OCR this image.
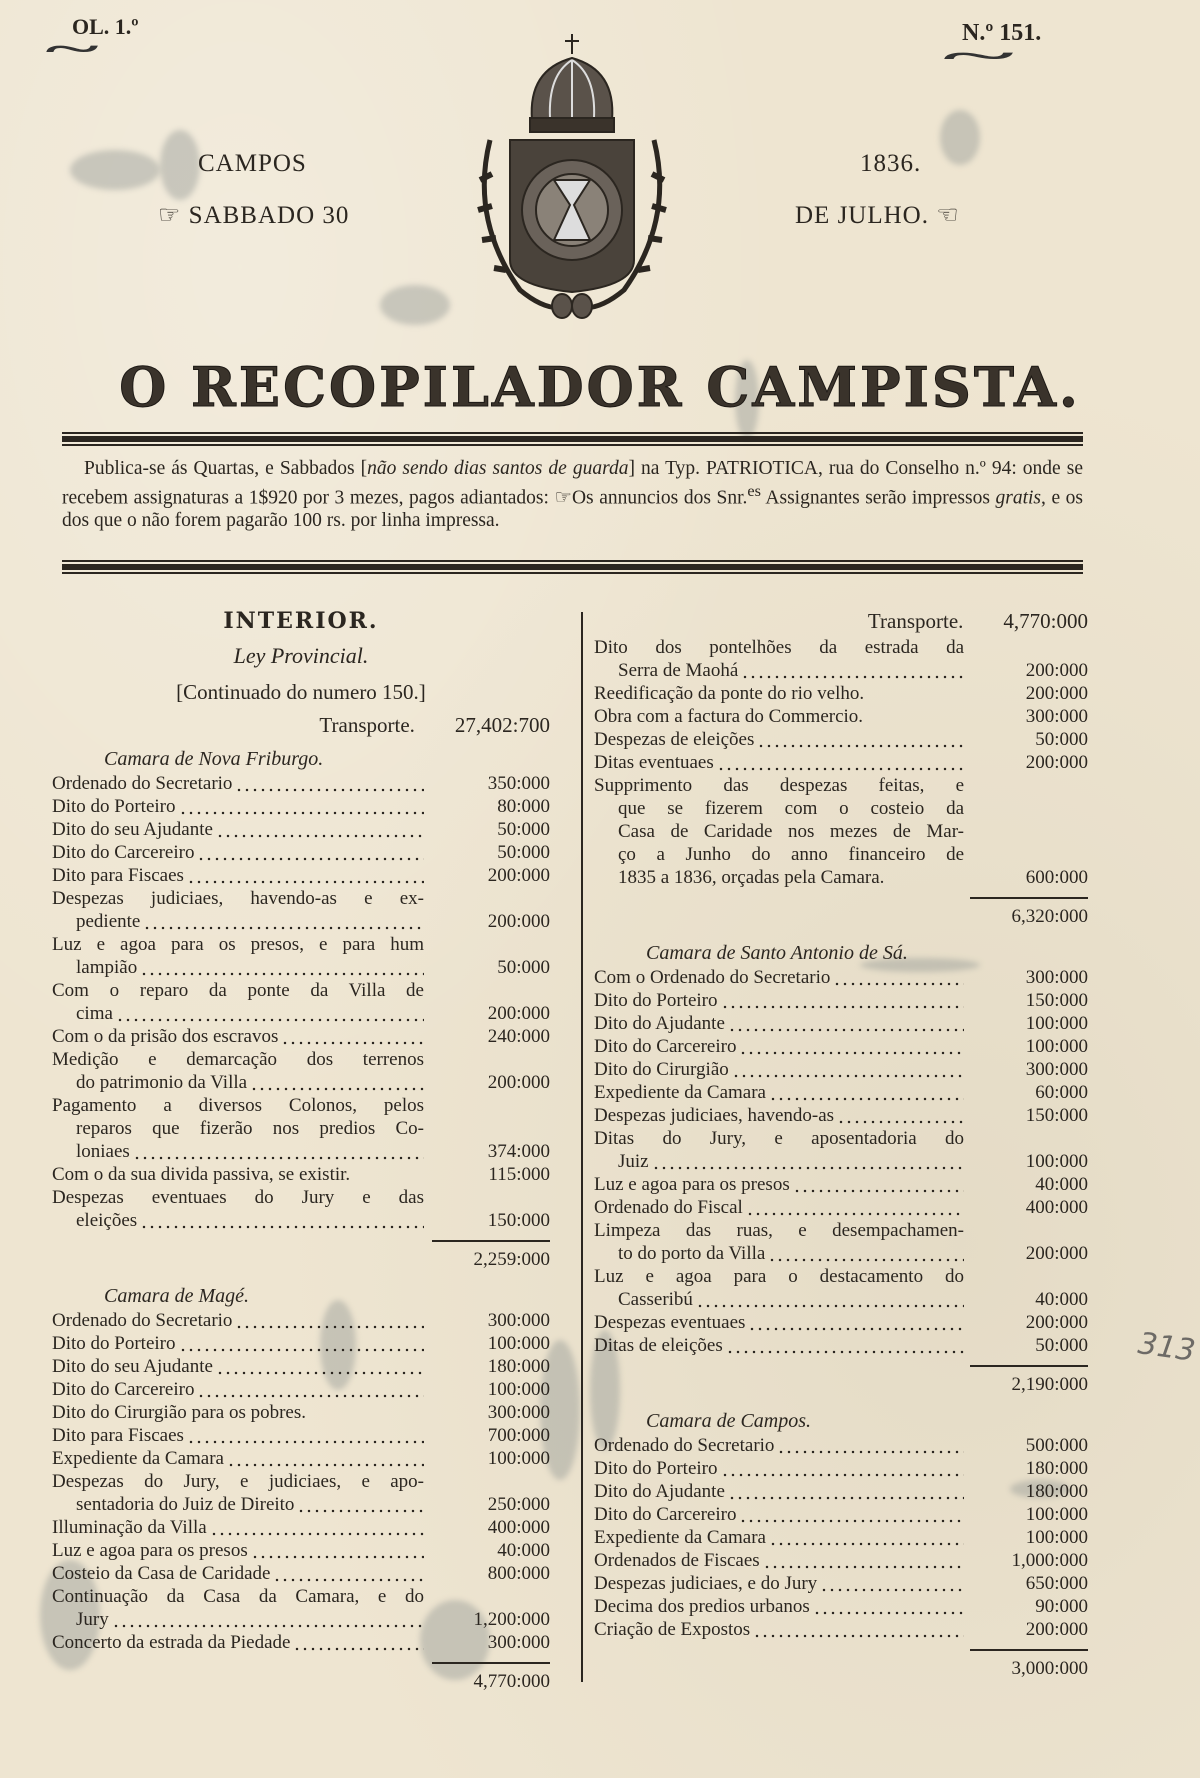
OL. 1.º
~	N.º 151.
~
CAMPOS
☞ SABBADO 30
1836.
DE JULHO. ☜
O RECOPILADOR CAMPISTA.
Publica-se ás Quartas, e Sabbados [não sendo dias santos de guarda] na Typ. PATRIOTICA, rua do Conselho n.º 94: onde se recebem assignaturas a 1$920 por 3 mezes, pagos adiantados: ☞Os annuncios dos Snr.$^{es}$ Assignantes serão impressos gratis, e os dos que o não forem pagarão 100 rs. por linha impressa.
INTERIOR.
Ley Provincial.
[Continuado do numero 150.]
Transporte. 27,402:700
Camara de Nova Friburgo.
Ordenado do Secretario	350:000
Dito do Porteiro	80:000
Dito do seu Ajudante	50:000
Dito do Carcereiro	50:000
Dito para Fiscaes	200:000
Despezas judiciaes, havendo-as e ex-
pediente	200:000
Luz e agoa para os presos, e para hum
lampião	50:000
Com o reparo da ponte da Villa de
cima	200:000
Com o da prisão dos escravos	240:000
Medição e demarcação dos terrenos
do patrimonio da Villa	200:000
Pagamento a diversos Colonos, pelos
reparos que fizerão nos predios Co-
loniaes	374:000
Com o da sua divida passiva, se existir.	115:000
Despezas eventuaes do Jury e das
eleições	150:000
2,259:000
Camara de Magé.
Ordenado do Secretario	300:000
Dito do Porteiro	100:000
Dito do seu Ajudante	180:000
Dito do Carcereiro	100:000
Dito do Cirurgião para os pobres.	300:000
Dito para Fiscaes	700:000
Expediente da Camara	100:000
Despezas do Jury, e judiciaes, e apo-
sentadoria do Juiz de Direito	250:000
Illuminação da Villa	400:000
Luz e agoa para os presos	40:000
Costeio da Casa de Caridade	800:000
Continuação da Casa da Camara, e do
Jury	1,200:000
Concerto da estrada da Piedade	300:000
4,770:000
Transporte. 4,770:000
Dito dos pontelhões da estrada da
Serra de Maohá	200:000
Reedificação da ponte do rio velho.	200:000
Obra com a factura do Commercio.	300:000
Despezas de eleições	50:000
Ditas eventuaes	200:000
Supprimento das despezas feitas, e
que se fizerem com o costeio da
Casa de Caridade nos mezes de Mar-
ço a Junho do anno financeiro de
1835 a 1836, orçadas pela Camara.	600:000
6,320:000
Camara de Santo Antonio de Sá.
Com o Ordenado do Secretario	300:000
Dito do Porteiro	150:000
Dito do Ajudante	100:000
Dito do Carcereiro	100:000
Dito do Cirurgião	300:000
Expediente da Camara	60:000
Despezas judiciaes, havendo-as	150:000
Ditas do Jury, e aposentadoria do
Juiz	100:000
Luz e agoa para os presos	40:000
Ordenado do Fiscal	400:000
Limpeza das ruas, e desempachamen-
to do porto da Villa	200:000
Luz e agoa para o destacamento do
Casseribú	40:000
Despezas eventuaes	200:000
Ditas de eleições	50:000
2,190:000
Camara de Campos.
Ordenado do Secretario	500:000
Dito do Porteiro	180:000
Dito do Ajudante	180:000
Dito do Carcereiro	100:000
Expediente da Camara	100:000
Ordenados de Fiscaes	1,000:000
Despezas judiciaes, e do Jury	650:000
Decima dos predios urbanos	90:000
Criação de Expostos	200:000
3,000:000
313
